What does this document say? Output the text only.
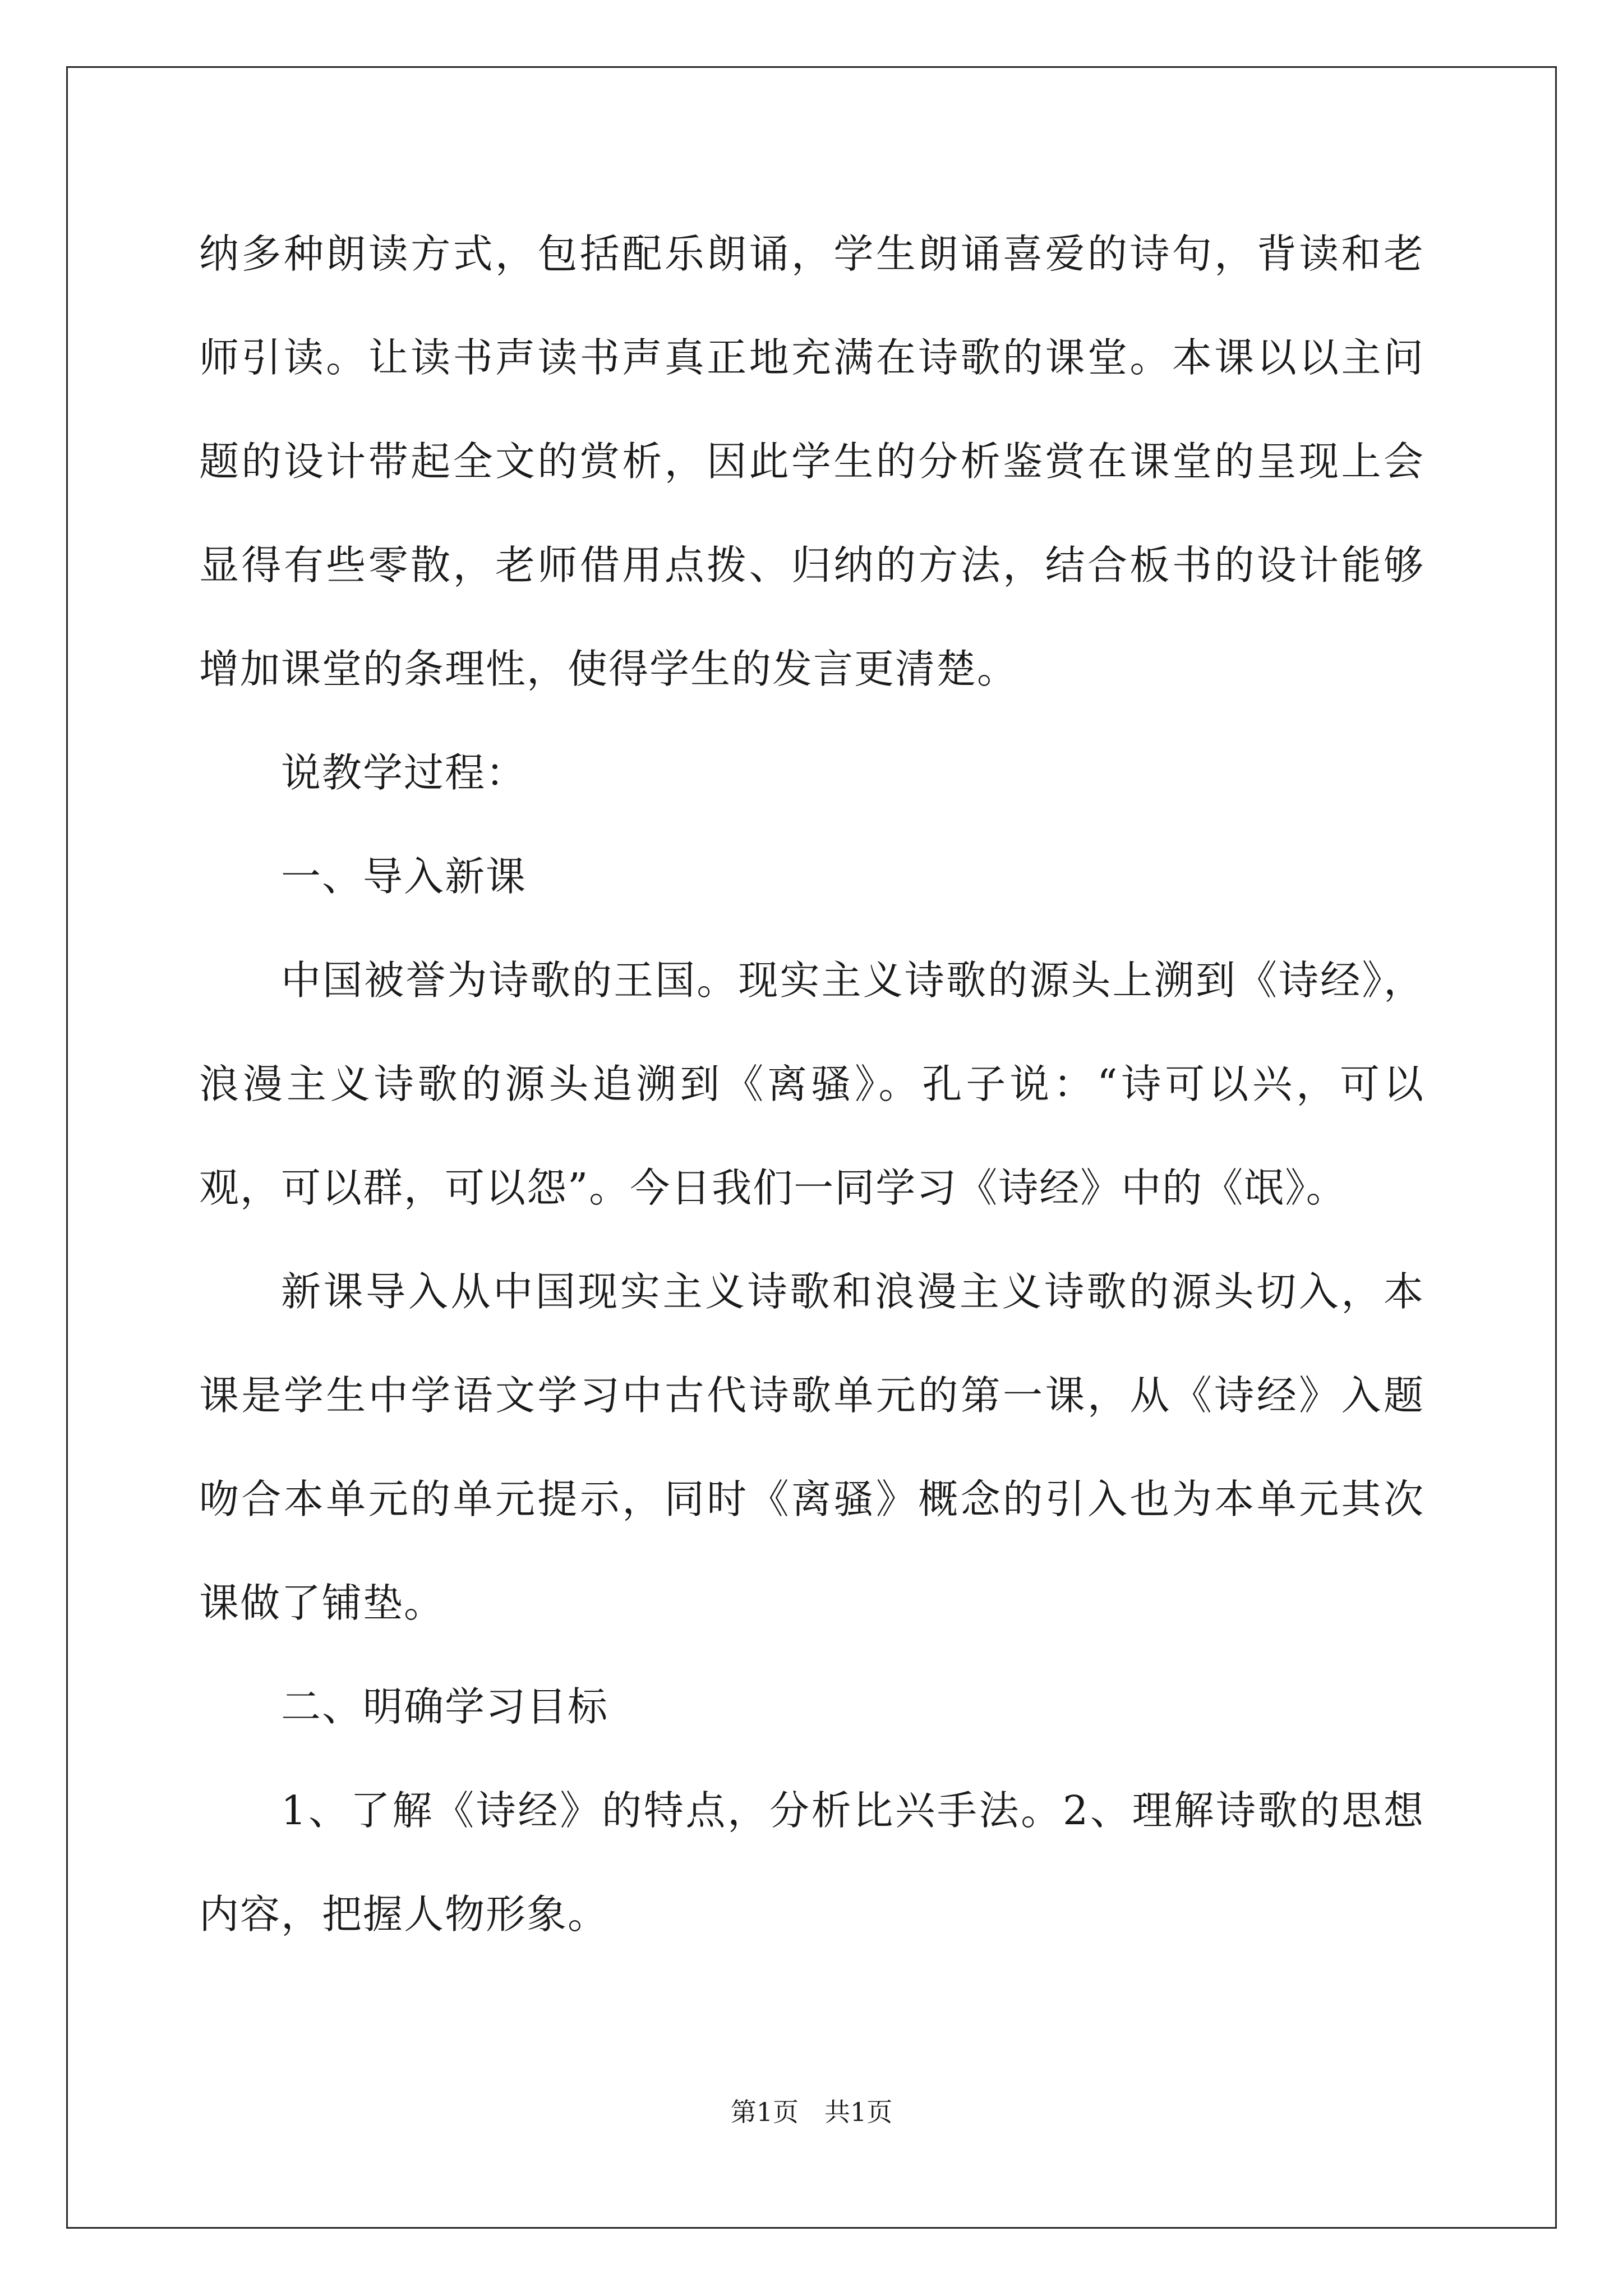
纳多种朗读方式，包括配乐朗诵，学生朗诵喜爱的诗句，背读和老师引读。让读书声读书声真正地充满在诗歌的课堂。本课以以主问题的设计带起全文的赏析，因此学生的分析鉴赏在课堂的呈现上会显得有些零散，老师借用点拨、归纳的方法，结合板书的设计能够增加课堂的条理性，使得学生的发言更清楚。

说教学过程：

一、导入新课

中国被誉为诗歌的王国。现实主义诗歌的源头上溯到《诗经》，浪漫主义诗歌的源头追溯到《离骚》。孔子说：“诗可以兴，可以观，可以群，可以怨”。今日我们一同学习《诗经》中的《氓》。

新课导入从中国现实主义诗歌和浪漫主义诗歌的源头切入，本课是学生中学语文学习中古代诗歌单元的第一课，从《诗经》入题吻合本单元的单元提示，同时《离骚》概念的引入也为本单元其次课做了铺垫。

二、明确学习目标

1、了解《诗经》的特点，分析比兴手法。2、理解诗歌的思想内容，把握人物形象。

第1页 共1页
